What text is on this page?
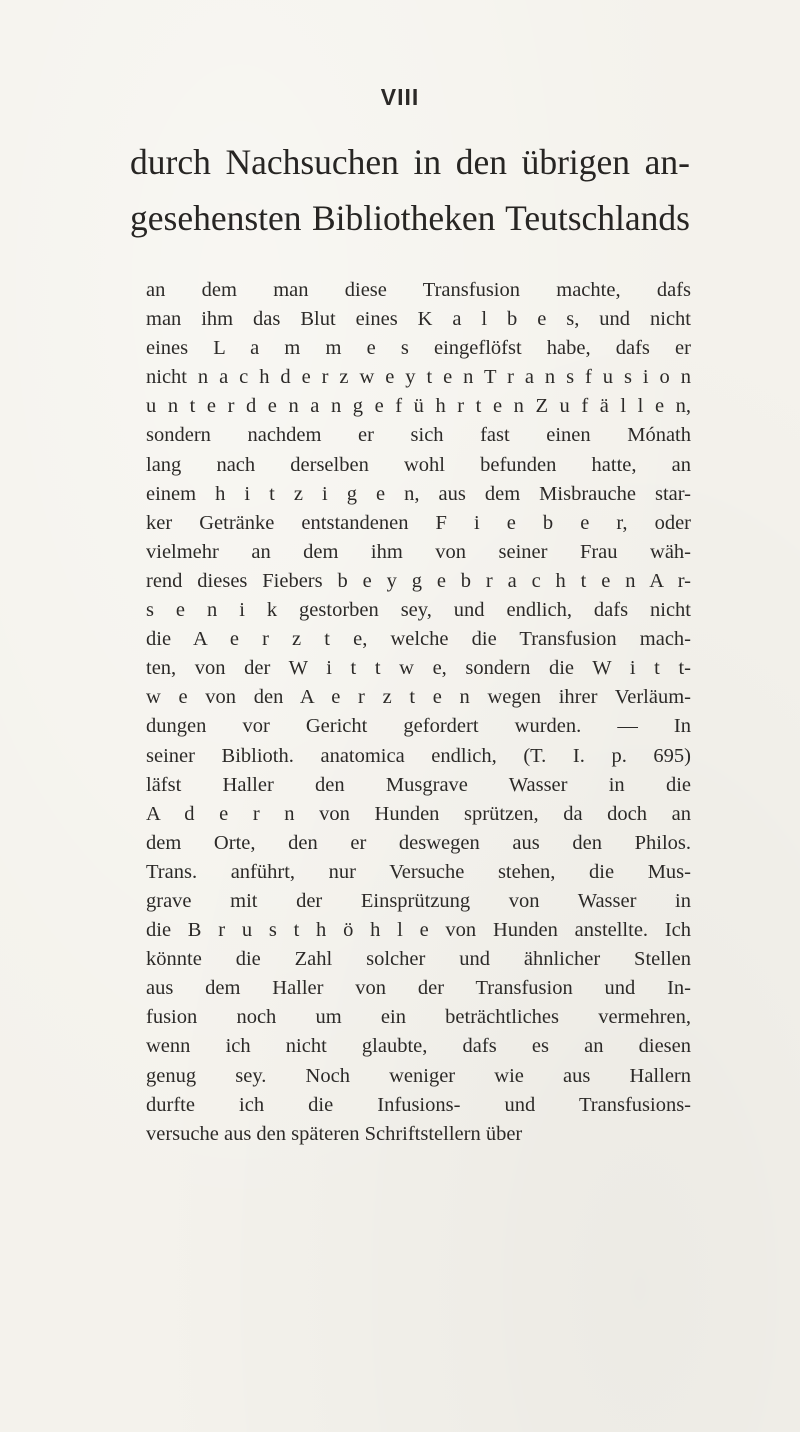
VIII
durch Nachsuchen in den übrigen an-
gesehensten Bibliotheken Teutschlands
an dem man diese Transfusion machte, dafs
man ihm das Blut eines K a l b e s, und nicht
eines L a m m e s eingeflöfst habe, dafs er
nicht n a c h d e r z w e y t e n T r a n s f u s i o n
u n t e r d e n a n g e f ü h r t e n Z u f ä l l e n,
sondern nachdem er sich fast einen Mónath
lang nach derselben wohl befunden hatte, an
einem h i t z i g e n, aus dem Misbrauche star-
ker Getränke entstandenen F i e b e r, oder
vielmehr an dem ihm von seiner Frau wäh-
rend dieses Fiebers b e y g e b r a c h t e n A r-
s e n i k gestorben sey, und endlich, dafs nicht
die A e r z t e, welche die Transfusion mach-
ten, von der W i t t w e, sondern die W i t t-
w e von den A e r z t e n wegen ihrer Verläum-
dungen vor Gericht gefordert wurden. — In
seiner Biblioth. anatomica endlich, (T. I. p. 695)
läfst Haller den Musgrave Wasser in die
A d e r n von Hunden sprützen, da doch an
dem Orte, den er deswegen aus den Philos.
Trans. anführt, nur Versuche stehen, die Mus-
grave mit der Einsprützung von Wasser in
die B r u s t h ö h l e von Hunden anstellte. Ich
könnte die Zahl solcher und ähnlicher Stellen
aus dem Haller von der Transfusion und In-
fusion noch um ein beträchtliches vermehren,
wenn ich nicht glaubte, dafs es an diesen
genug sey. Noch weniger wie aus Hallern
durfte ich die Infusions- und Transfusions-
versuche aus den späteren Schriftstellern über
